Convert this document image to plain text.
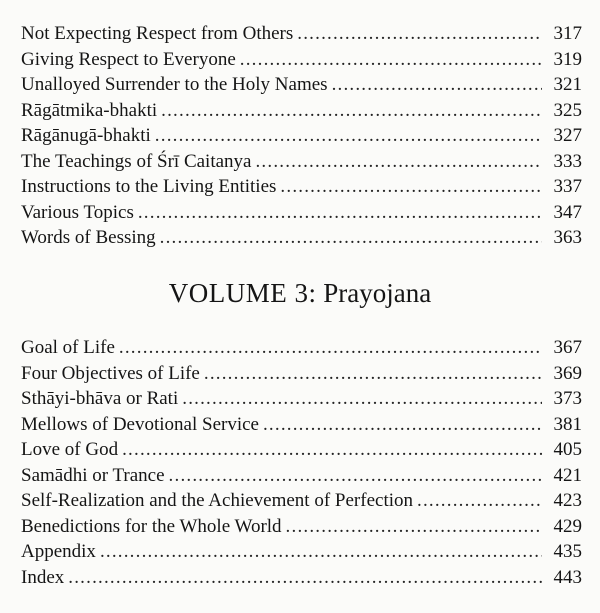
Not Expecting Respect from Others .....	317
Giving Respect to Everyone .....	319
Unalloyed Surrender to the Holy Names .....	321
Rāgātmika-bhakti .....	325
Rāgānugā-bhakti .....	327
The Teachings of Śrī Caitanya .....	333
Instructions to the Living Entities .....	337
Various Topics .....	347
Words of Bessing .....	363
VOLUME 3: Prayojana
Goal of Life .....	367
Four Objectives of Life .....	369
Sthāyi-bhāva or Rati .....	373
Mellows of Devotional Service .....	381
Love of God .....	405
Samādhi or Trance .....	421
Self-Realization and the Achievement of Perfection .....	423
Benedictions for the Whole World .....	429
Appendix .....	435
Index .....	443
